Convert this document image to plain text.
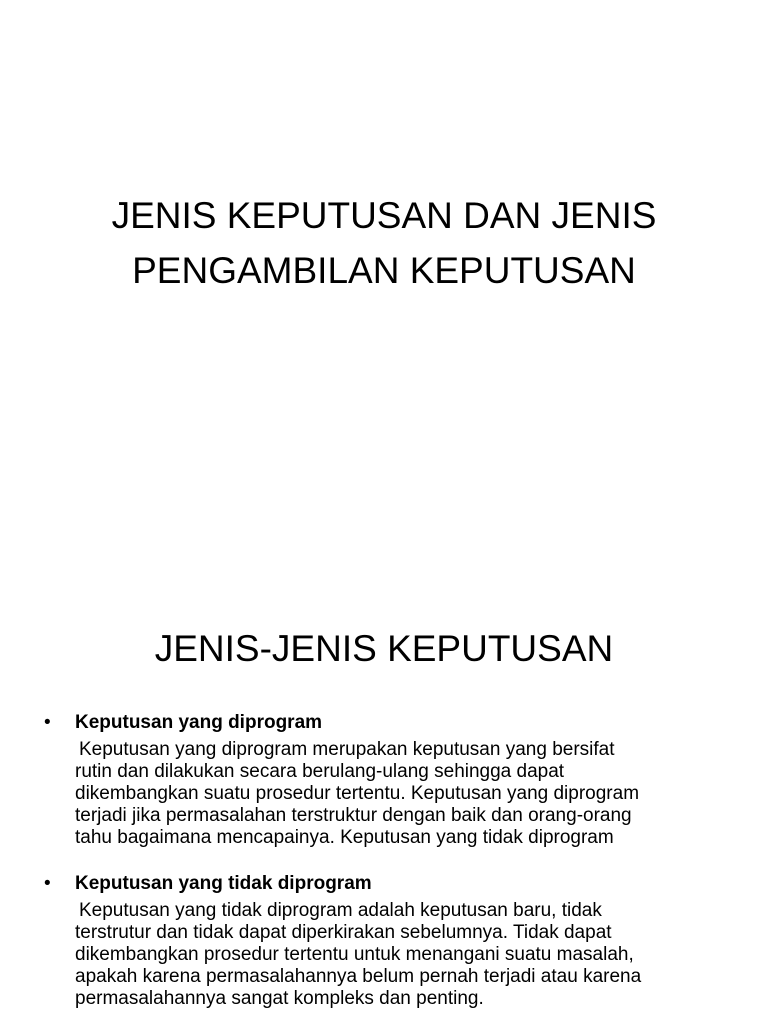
JENIS KEPUTUSAN DAN JENIS
PENGAMBILAN KEPUTUSAN
JENIS-JENIS KEPUTUSAN
• Keputusan yang diprogram

Keputusan yang diprogram merupakan keputusan yang bersifat
rutin dan dilakukan secara berulang-ulang sehingga dapat
dikembangkan suatu prosedur tertentu. Keputusan yang diprogram
terjadi jika permasalahan terstruktur dengan baik dan orang-orang
tahu bagaimana mencapainya. Keputusan yang tidak diprogram

• Keputusan yang tidak diprogram

Keputusan yang tidak diprogram adalah keputusan baru, tidak
terstrutur dan tidak dapat diperkirakan sebelumnya. Tidak dapat
dikembangkan prosedur tertentu untuk menangani suatu masalah,
apakah karena permasalahannya belum pernah terjadi atau karena
permasalahannya sangat kompleks dan penting.
